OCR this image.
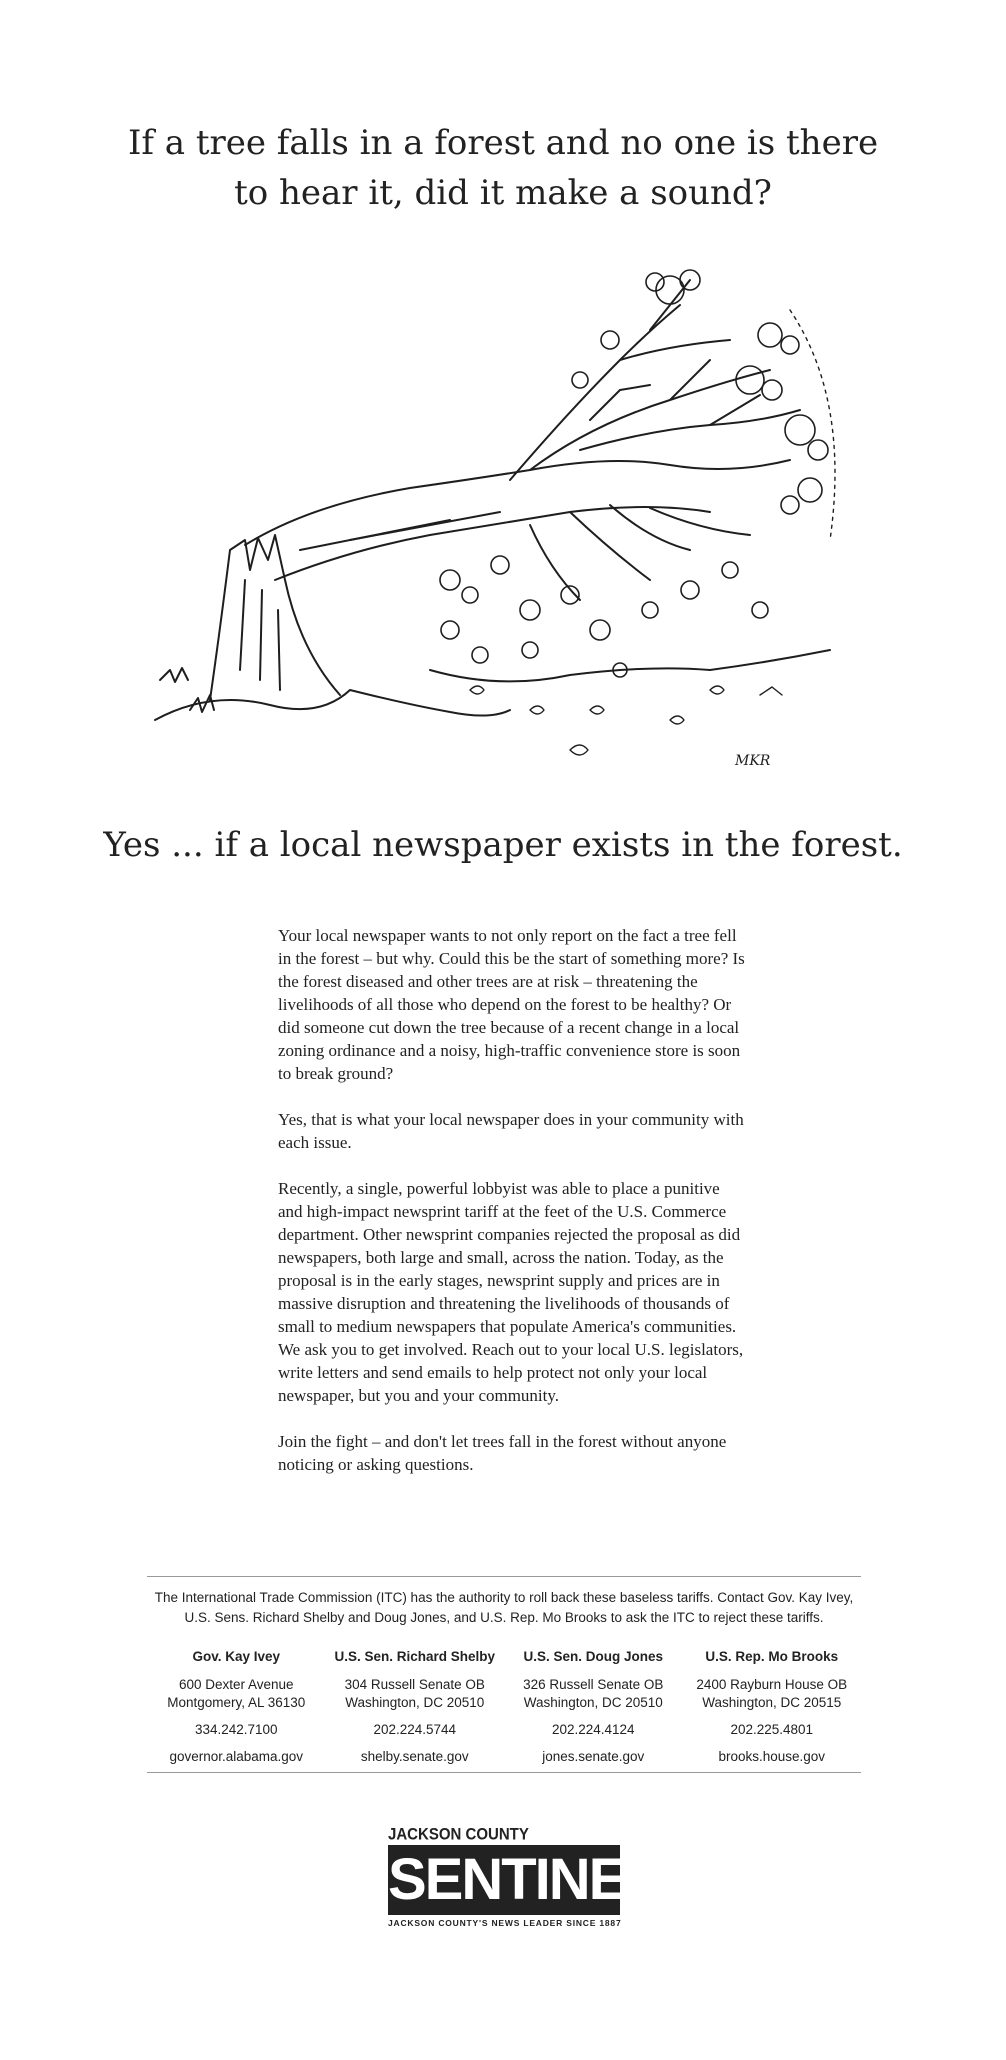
If a tree falls in a forest and no one is there
to hear it, did it make a sound?
MKR
Yes ... if a local newspaper exists in the forest.

Your local newspaper wants to not only report on the fact a tree fell in the forest – but why. Could this be the start of something more? Is the forest diseased and other trees are at risk – threatening the livelihoods of all those who depend on the forest to be healthy? Or did someone cut down the tree because of a recent change in a local zoning ordinance and a noisy, high-traffic convenience store is soon to break ground?

Yes, that is what your local newspaper does in your community with each issue.

Recently, a single, powerful lobbyist was able to place a punitive and high-impact newsprint tariff at the feet of the U.S. Commerce department. Other newsprint companies rejected the proposal as did newspapers, both large and small, across the nation. Today, as the proposal is in the early stages, newsprint supply and prices are in massive disruption and threatening the livelihoods of thousands of small to medium newspapers that populate America's communities. We ask you to get involved. Reach out to your local U.S. legislators, write letters and send emails to help protect not only your local newspaper, but you and your community.

Join the fight – and don't let trees fall in the forest without anyone noticing or asking questions.

The International Trade Commission (ITC) has the authority to roll back these baseless tariffs. Contact Gov. Kay Ivey, U.S. Sens. Richard Shelby and Doug Jones, and U.S. Rep. Mo Brooks to ask the ITC to reject these tariffs.
Gov. Kay Ivey
600 Dexter Avenue
Montgomery, AL 36130
334.242.7100
governor.alabama.gov
U.S. Sen. Richard Shelby
304 Russell Senate OB
Washington, DC 20510
202.224.5744
shelby.senate.gov
U.S. Sen. Doug Jones
326 Russell Senate OB
Washington, DC 20510
202.224.4124
jones.senate.gov
U.S. Rep. Mo Brooks
2400 Rayburn House OB
Washington, DC 20515
202.225.4801
brooks.house.gov
JACKSON COUNTY
SENTINEL
JACKSON COUNTY'S NEWS LEADER SINCE 1887
